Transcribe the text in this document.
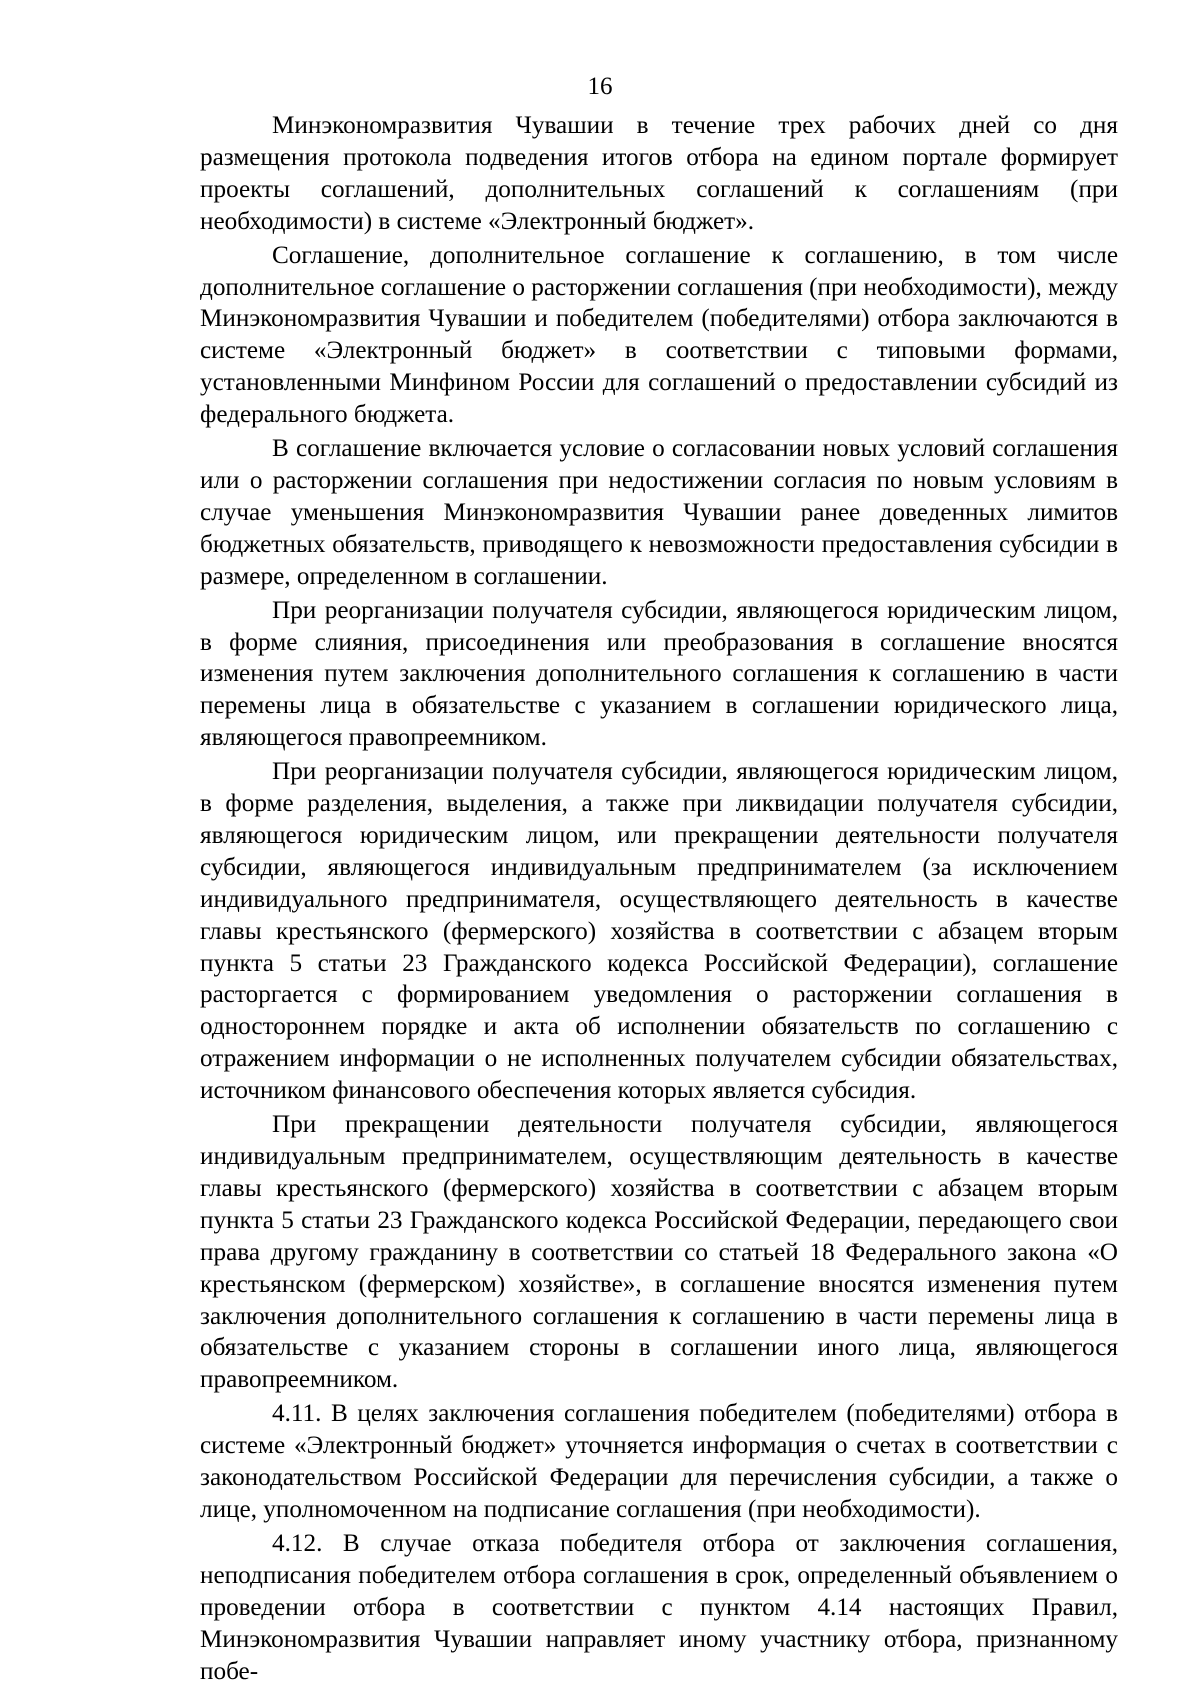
16

Минэкономразвития Чувашии в течение трех рабочих дней со дня размещения протокола подведения итогов отбора на едином портале формирует проекты соглашений, дополнительных соглашений к соглашениям (при необходимости) в системе «Электронный бюджет».

Соглашение, дополнительное соглашение к соглашению, в том числе дополнительное соглашение о расторжении соглашения (при необходимости), между Минэкономразвития Чувашии и победителем (победителями) отбора заключаются в системе «Электронный бюджет» в соответствии с типовыми формами, установленными Минфином России для соглашений о предоставлении субсидий из федерального бюджета.

В соглашение включается условие о согласовании новых условий соглашения или о расторжении соглашения при недостижении согласия по новым условиям в случае уменьшения Минэкономразвития Чувашии ранее доведенных лимитов бюджетных обязательств, приводящего к невозможности предоставления субсидии в размере, определенном в соглашении.

При реорганизации получателя субсидии, являющегося юридическим лицом, в форме слияния, присоединения или преобразования в соглашение вносятся изменения путем заключения дополнительного соглашения к соглашению в части перемены лица в обязательстве с указанием в соглашении юридического лица, являющегося правопреемником.

При реорганизации получателя субсидии, являющегося юридическим лицом, в форме разделения, выделения, а также при ликвидации получателя субсидии, являющегося юридическим лицом, или прекращении деятельности получателя субсидии, являющегося индивидуальным предпринимателем (за исключением индивидуального предпринимателя, осуществляющего деятельность в качестве главы крестьянского (фермерского) хозяйства в соответствии с абзацем вторым пункта 5 статьи 23 Гражданского кодекса Российской Федерации), соглашение расторгается с формированием уведомления о расторжении соглашения в одностороннем порядке и акта об исполнении обязательств по соглашению с отражением информации о не исполненных получателем субсидии обязательствах, источником финансового обеспечения которых является субсидия.

При прекращении деятельности получателя субсидии, являющегося индивидуальным предпринимателем, осуществляющим деятельность в качестве главы крестьянского (фермерского) хозяйства в соответствии с абзацем вторым пункта 5 статьи 23 Гражданского кодекса Российской Федерации, передающего свои права другому гражданину в соответствии со статьей 18 Федерального закона «О крестьянском (фермерском) хозяйстве», в соглашение вносятся изменения путем заключения дополнительного соглашения к соглашению в части перемены лица в обязательстве с указанием стороны в соглашении иного лица, являющегося правопреемником.

4.11. В целях заключения соглашения победителем (победителями) отбора в системе «Электронный бюджет» уточняется информация о счетах в соответствии с законодательством Российской Федерации для перечисления субсидии, а также о лице, уполномоченном на подписание соглашения (при необходимости).

4.12. В случае отказа победителя отбора от заключения соглашения, неподписания победителем отбора соглашения в срок, определенный объявлением о проведении отбора в соответствии с пунктом 4.14 настоящих Правил, Минэкономразвития Чувашии направляет иному участнику отбора, признанному побе-
